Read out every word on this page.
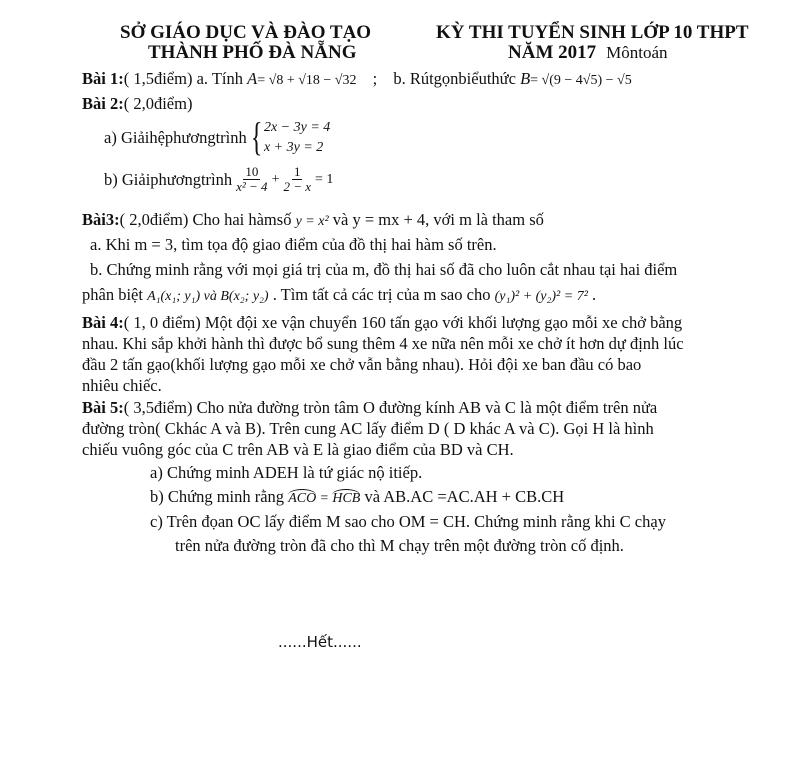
SỞ GIÁO DỤC VÀ ĐÀO TẠO
THÀNH PHỐ ĐÀ NẴNG
KỲ THI TUYỂN SINH LỚP 10 THPT
NĂM 2017 Môntoán
Bài 1:( 1,5điểm) a. Tính A= √8 + √18 − √32 ; b. Rútgọnbiểuthức B= √(9 − 4√5) − √5
Bài 2:( 2,0điểm)
a) Giảihệphươngtrình { 2x − 3y = 4
x + 3y = 2
b) Giảiphươngtrình $\frac{10}{\text{x² − 4}} + \frac{1}{2 - x} = 1$
Bài3:( 2,0điểm) Cho hai hàmsố y = x² và y = mx + 4, với m là tham số
a. Khi m = 3, tìm tọa độ giao điểm của đồ thị hai hàm số trên.
b. Chứng minh rằng với mọi giá trị của m, đồ thị hai số đã cho luôn cắt nhau tại hai điểm
phân biệt A₁(x₁; y₁) và B(x₂; y₂) . Tìm tất cả các trị của m sao cho (y₁)² + (y₂)² = 7² .
Bài 4:( 1, 0 điểm) Một đội xe vận chuyển 160 tấn gạo với khối lượng gạo mỗi xe chở bằng
nhau. Khi sắp khởi hành thì được bổ sung thêm 4 xe nữa nên mỗi xe chở ít hơn dự định lúc
đầu 2 tấn gạo(khối lượng gạo mỗi xe chở vẫn bằng nhau). Hỏi đội xe ban đầu có bao
nhiêu chiếc.
Bài 5:( 3,5điểm) Cho nửa đường tròn tâm O đường kính AB và C là một điểm trên nửa
đường tròn( Ckhác A và B). Trên cung AC lấy điểm D ( D khác A và C). Gọi H là hình
chiếu vuông góc của C trên AB và E là giao điểm của BD và CH.
a) Chứng minh ADEH là tứ giác nộ itiếp.
b) Chứng minh rằng ACO = HCB và AB.AC =AC.AH + CB.CH
c) Trên đọan OC lấy điểm M sao cho OM = CH. Chứng minh rằng khi C chạy
trên nửa đường tròn đã cho thì M chạy trên một đường tròn cố định.
......Hết......
